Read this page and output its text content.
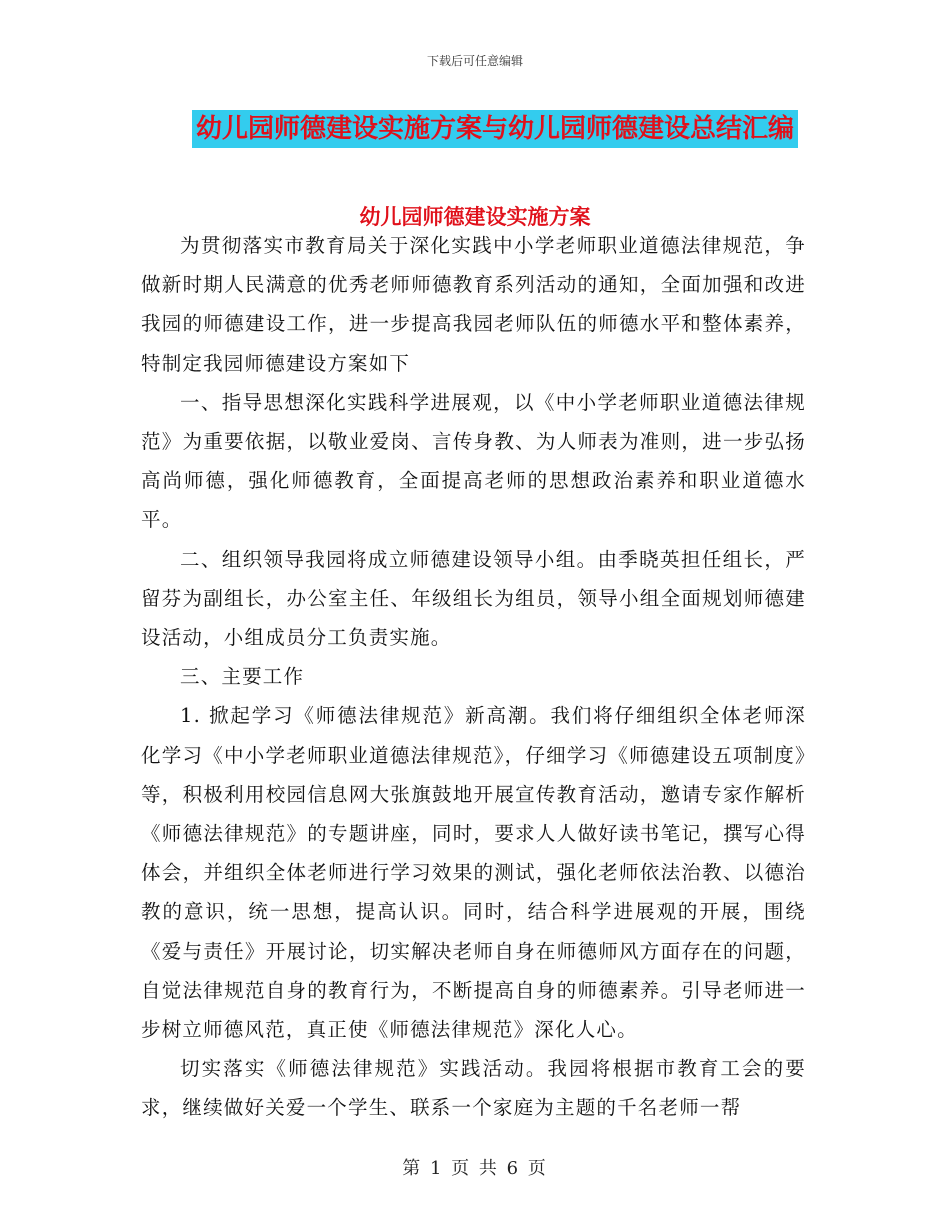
下载后可任意编辑
幼儿园师德建设实施方案与幼儿园师德建设总结汇编
幼儿园师德建设实施方案

为贯彻落实市教育局关于深化实践中小学老师职业道德法律规范，争做新时期人民满意的优秀老师师德教育系列活动的通知，全面加强和改进我园的师德建设工作，进一步提高我园老师队伍的师德水平和整体素养，特制定我园师德建设方案如下

一、指导思想深化实践科学进展观，以《中小学老师职业道德法律规范》为重要依据，以敬业爱岗、言传身教、为人师表为准则，进一步弘扬高尚师德，强化师德教育，全面提高老师的思想政治素养和职业道德水平。

二、组织领导我园将成立师德建设领导小组。由季晓英担任组长，严留芬为副组长，办公室主任、年级组长为组员，领导小组全面规划师德建设活动，小组成员分工负责实施。

三、主要工作

1. 掀起学习《师德法律规范》新高潮。我们将仔细组织全体老师深化学习《中小学老师职业道德法律规范》，仔细学习《师德建设五项制度》等，积极利用校园信息网大张旗鼓地开展宣传教育活动，邀请专家作解析《师德法律规范》的专题讲座，同时，要求人人做好读书笔记，撰写心得体会，并组织全体老师进行学习效果的测试，强化老师依法治教、以德治教的意识，统一思想，提高认识。同时，结合科学进展观的开展，围绕《爱与责任》开展讨论，切实解决老师自身在师德师风方面存在的问题，自觉法律规范自身的教育行为，不断提高自身的师德素养。引导老师进一步树立师德风范，真正使《师德法律规范》深化人心。

切实落实《师德法律规范》实践活动。我园将根据市教育工会的要求，继续做好关爱一个学生、联系一个家庭为主题的千名老师一帮

第 1 页 共 6 页
